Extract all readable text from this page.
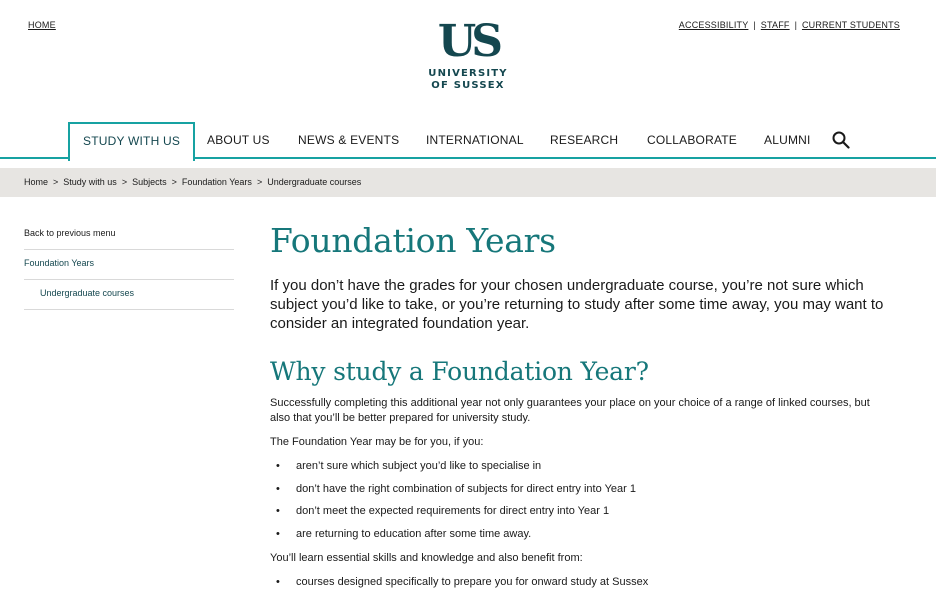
HOME	ACCESSIBILITY | STAFF | CURRENT STUDENTS
US
UNIVERSITY
OF SUSSEX
STUDY WITH US	ABOUT US NEWS & EVENTS INTERNATIONAL RESEARCH COLLABORATE ALUMNI
Home > Study with us > Subjects > Foundation Years > Undergraduate courses
Back to previous menu
Foundation Years
Undergraduate courses
Foundation Years
If you don’t have the grades for your chosen undergraduate course, you’re not sure which subject you’d like to take, or you’re returning to study after some time away, you may want to consider an integrated foundation year.
Why study a Foundation Year?

Successfully completing this additional year not only guarantees your place on your choice of a range of linked courses, but also that you’ll be better prepared for university study.

The Foundation Year may be for you, if you:

• aren’t sure which subject you’d like to specialise in
• don’t have the right combination of subjects for direct entry into Year 1
• don’t meet the expected requirements for direct entry into Year 1
• are returning to education after some time away.

You’ll learn essential skills and knowledge and also benefit from:

• courses designed specifically to prepare you for onward study at Sussex
